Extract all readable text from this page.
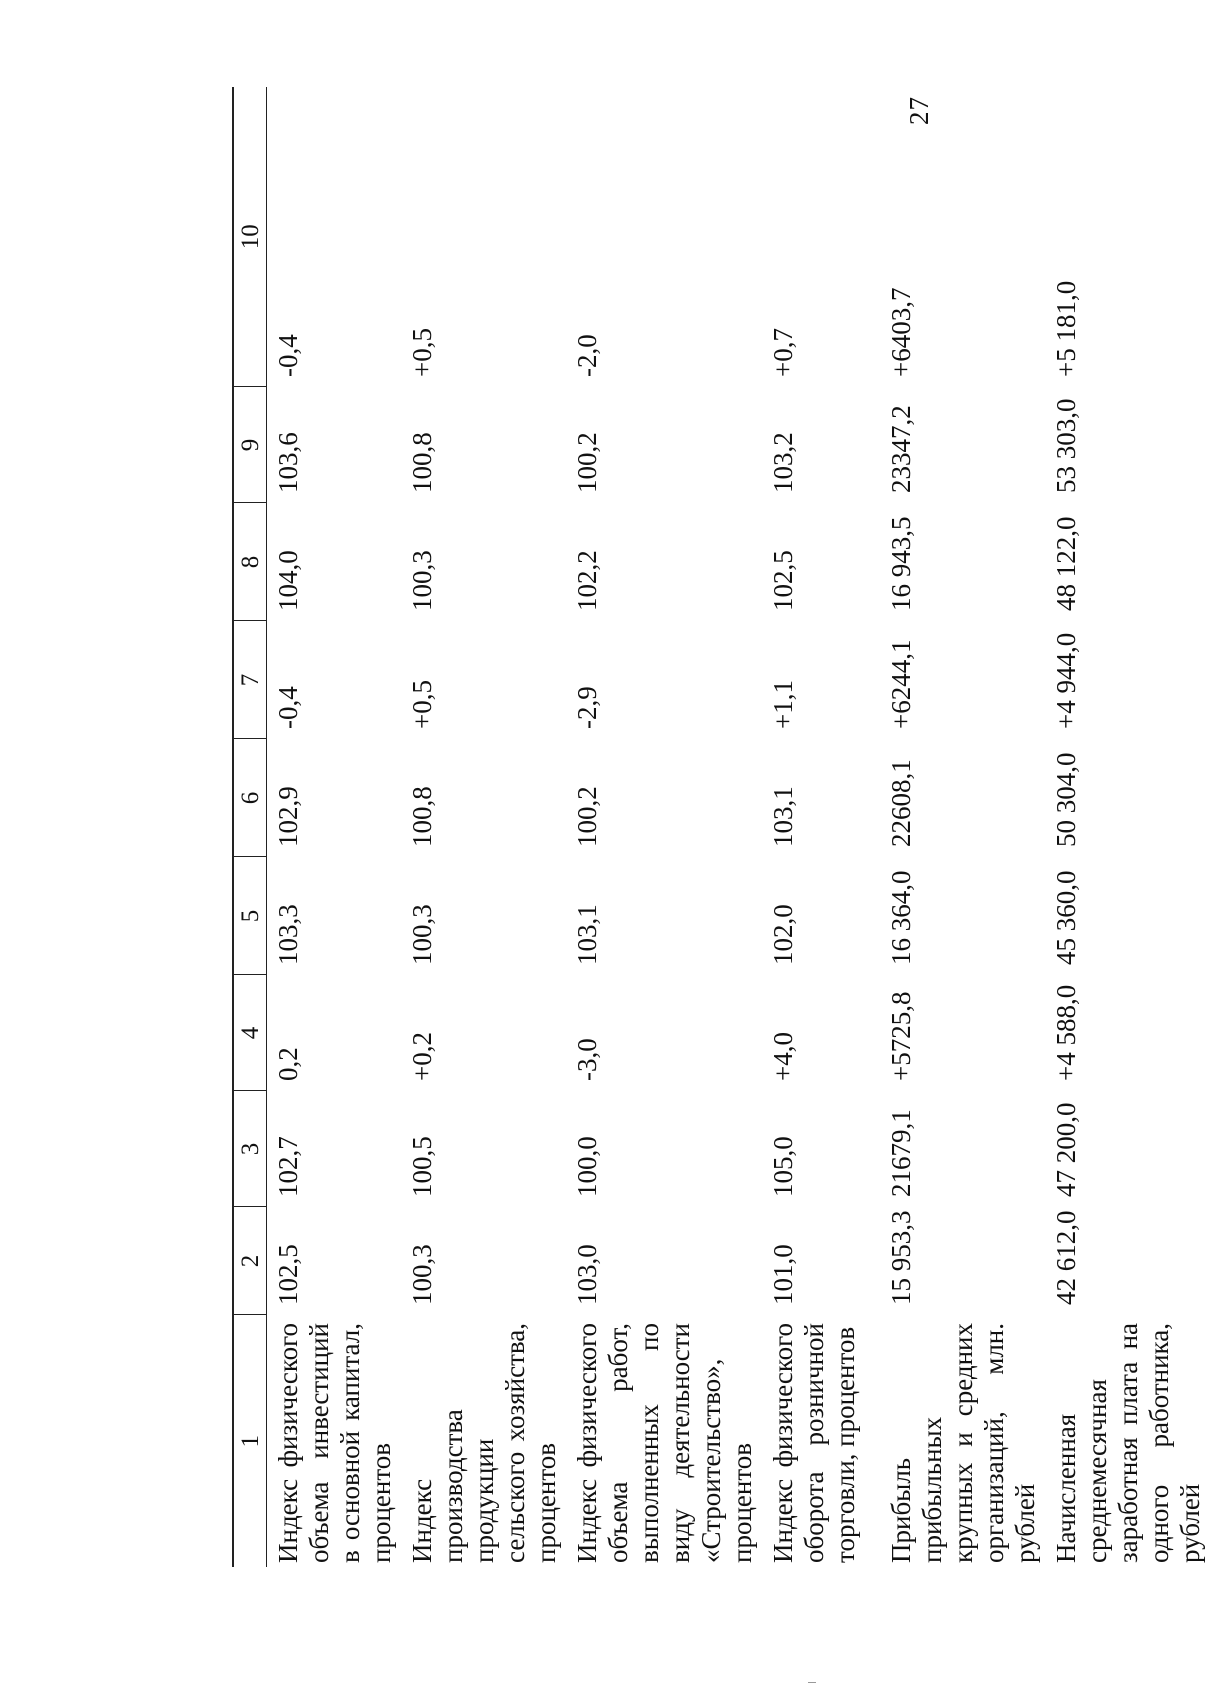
27
1	2	3	4	5	6	7	8	9	10
Индекс физического объема инвестиций в основной капитал, процентов	102,5	102,7	0,2	103,3	102,9	-0,4	104,0	103,6	-0,4
Индекс производства продукции сельского хозяйства, процентов	100,3	100,5	+0,2	100,3	100,8	+0,5	100,3	100,8	+0,5
Индекс физического объема работ, выполненных по виду деятельности «Строительство», процентов	103,0	100,0	-3,0	103,1	100,2	-2,9	102,2	100,2	-2,0
Индекс физического оборота розничной торговли, процентов	101,0	105,0	+4,0	102,0	103,1	+1,1	102,5	103,2	+0,7
Прибыль прибыльных крупных и средних организаций, млн. рублей	15 953,3	21679,1	+5725,8	16 364,0	22608,1	+6244,1	16 943,5	23347,2	+6403,7
Начисленная среднемесячная заработная плата на одного работника, рублей	42 612,0	47 200,0	+4 588,0	45 360,0	50 304,0	+4 944,0	48 122,0	53 303,0	+5 181,0
